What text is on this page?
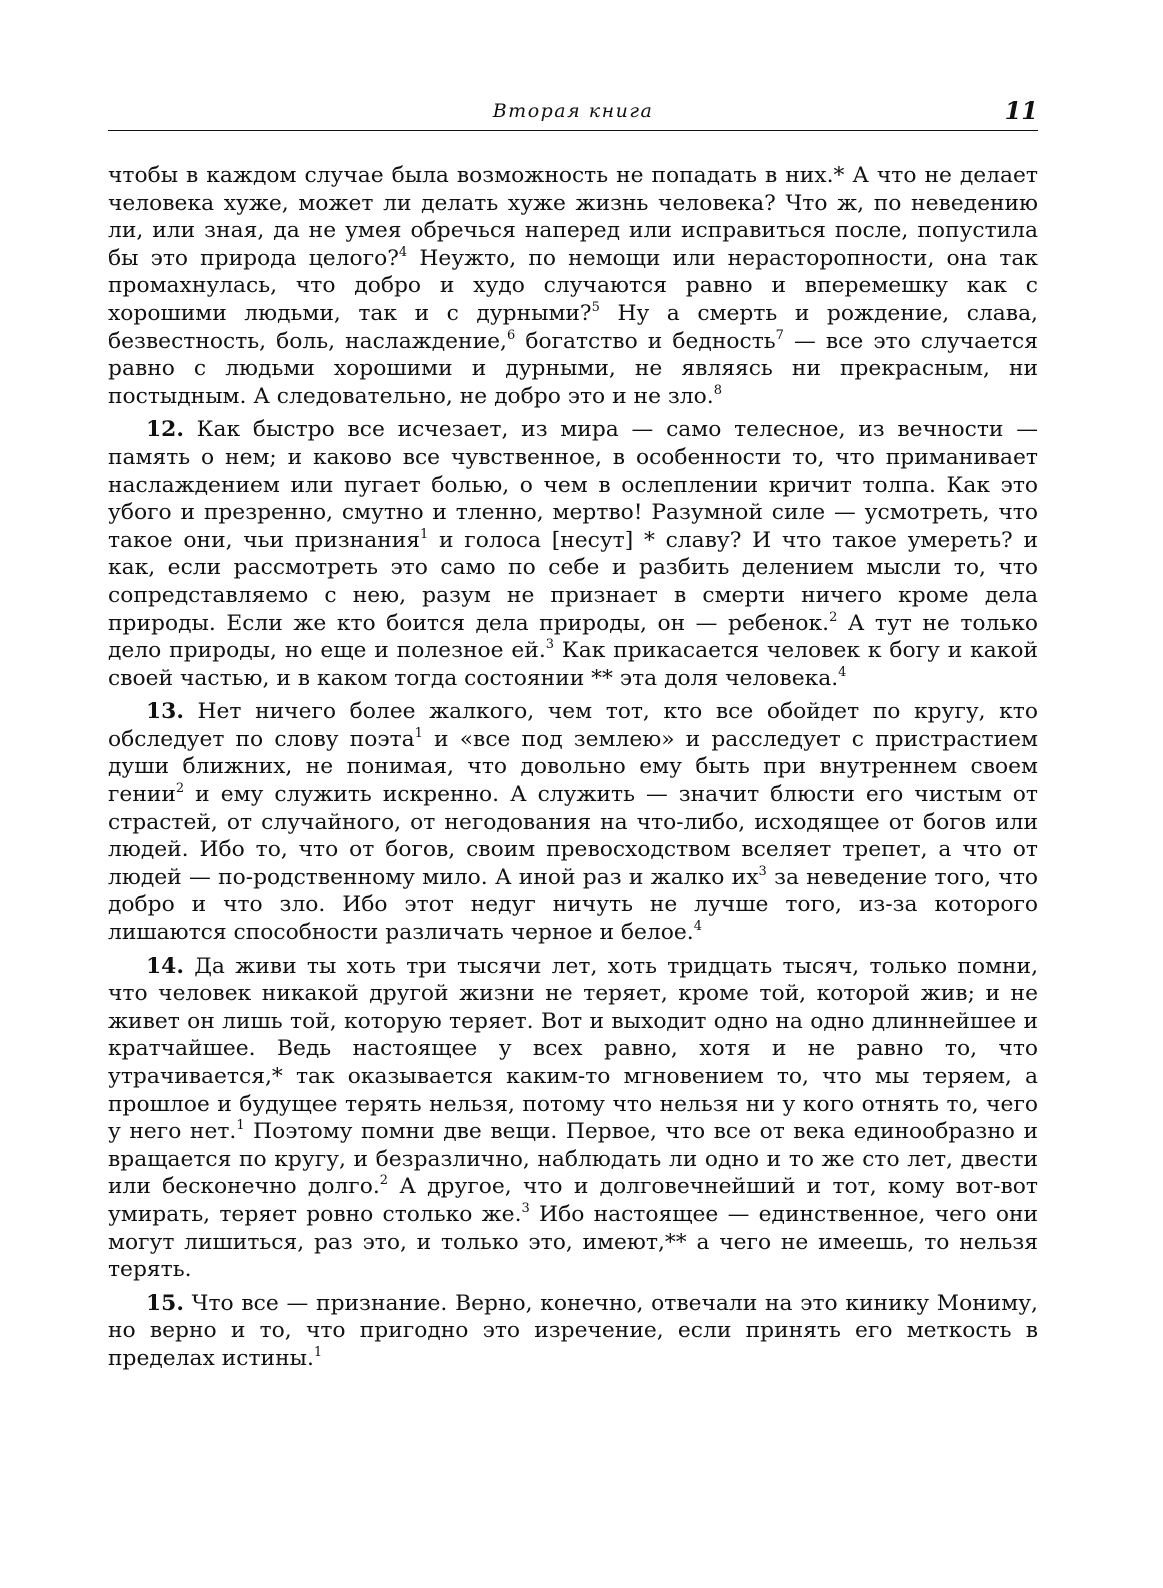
Вторая книга	11

чтобы в каждом случае была возможность не попадать в них.* А что не делает человека хуже, может ли делать хуже жизнь человека? Что ж, по неведению ли, или зная, да не умея обречься наперед или исправиться после, попустила бы это природа целого?$^4$ Неужто, по немощи или нерасторопности, она так промахнулась, что добро и худо случаются равно и вперемешку как с хорошими людьми, так и с дурными?$^5$ Ну а смерть и рождение, слава, безвестность, боль, наслаждение,$^6$ богатство и бедность$^7$ — все это случается равно с людьми хорошими и дурными, не являясь ни прекрасным, ни постыдным. А следовательно, не добро это и не зло.$^8$

12. Как быстро все исчезает, из мира — само телесное, из вечности — память о нем; и каково все чувственное, в особенности то, что приманивает наслаждением или пугает болью, о чем в ослеплении кричит толпа. Как это убого и презренно, смутно и тленно, мертво! Разумной силе — усмотреть, что такое они, чьи признания$^1$ и голоса [несут] * славу? И что такое умереть? и как, если рассмотреть это само по себе и разбить делением мысли то, что сопредставляемо с нею, разум не признает в смерти ничего кроме дела природы. Если же кто боится дела природы, он — ребенок.$^2$ А тут не только дело природы, но еще и полезное ей.$^3$ Как прикасается человек к богу и какой своей частью, и в каком тогда состоянии ** эта доля человека.$^4$

13. Нет ничего более жалкого, чем тот, кто все обойдет по кругу, кто обследует по слову поэта$^1$ и «все под землею» и расследует с пристрастием души ближних, не понимая, что довольно ему быть при внутреннем своем гении$^2$ и ему служить искренно. А служить — значит блюсти его чистым от страстей, от случайного, от негодования на что-либо, исходящее от богов или людей. Ибо то, что от богов, своим превосходством вселяет трепет, а что от людей — по-родственному мило. А иной раз и жалко $их^3$ за неведение того, что добро и что зло. Ибо этот недуг ничуть не лучше того, из-за которого лишаются способности различать черное и белое.$^4$

14. Да живи ты хоть три тысячи лет, хоть тридцать тысяч, только помни, что человек никакой другой жизни не теряет, кроме той, которой жив; и не живет он лишь той, которую теряет. Вот и выходит одно на одно длиннейшее и кратчайшее. Ведь настоящее у всех равно, хотя и не равно то, что утрачивается,* так оказывается каким-то мгновением то, что мы теряем, а прошлое и будущее терять нельзя, потому что нельзя ни у кого отнять то, чего у него нет.$^1$ Поэтому помни две вещи. Первое, что все от века единообразно и вращается по кругу, и безразлично, наблюдать ли одно и то же сто лет, двести или бесконечно долго.$^2$ А другое, что и долговечнейший и тот, кому вот-вот умирать, теряет ровно столько же.$^3$ Ибо настоящее — единственное, чего они могут лишиться, раз это, и только это, имеют,** а чего не имеешь, то нельзя терять.

15. Что все — признание. Верно, конечно, отвечали на это кинику Мониму, но верно и то, что пригодно это изречение, если принять его меткость в пределах истины.$^1$
